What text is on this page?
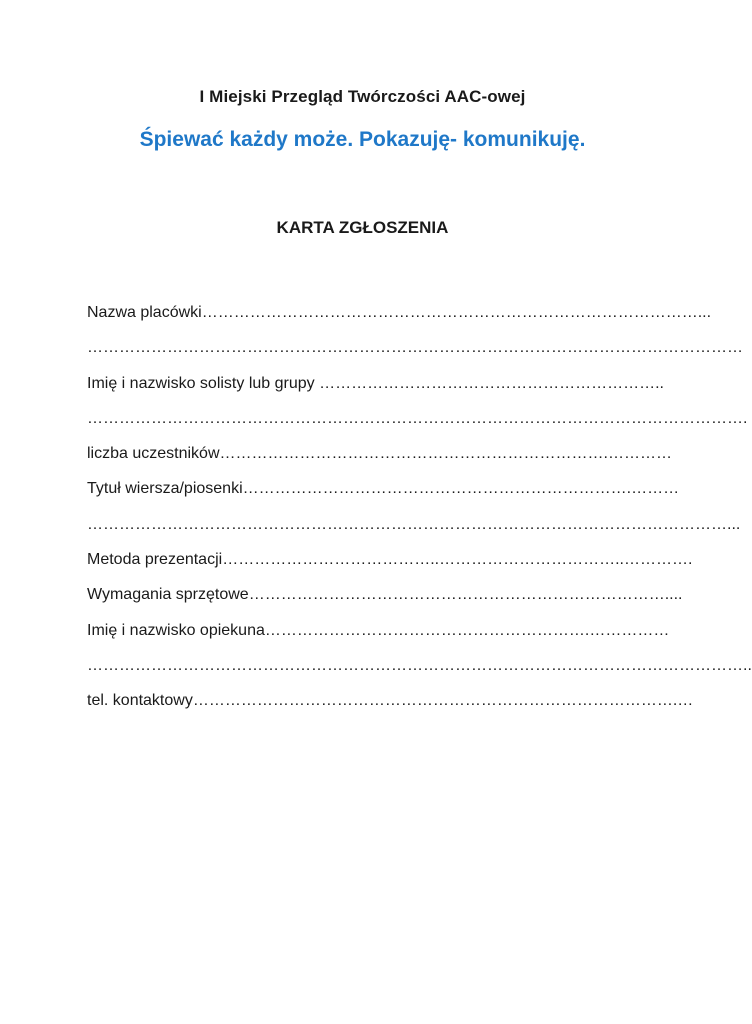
I Miejski Przegląd Twórczości AAC-owej
Śpiewać każdy może. Pokazuję- komunikuję.
KARTA ZGŁOSZENIA
Nazwa placówki…………………………………………………………………………………...
……………………………………………………………………………………………………………
Imię i nazwisko solisty lub grupy ………………………………………………………..
…………………………………………………………………………………………………………….
liczba uczestników……………………………………………………………….…………
Tytuł wiersza/piosenki……………………………………………………………….………
…………………………………………………………………………………………………………...
Metoda prezentacji…………………………………..……………………………..………….
Wymagania sprzętowe……………………………………………………………………....
Imię i nazwisko opiekuna…………………………………………………….……………
……………………………………………………………………………………………………………..
tel. kontaktowy……………………………………………………………………………….…
